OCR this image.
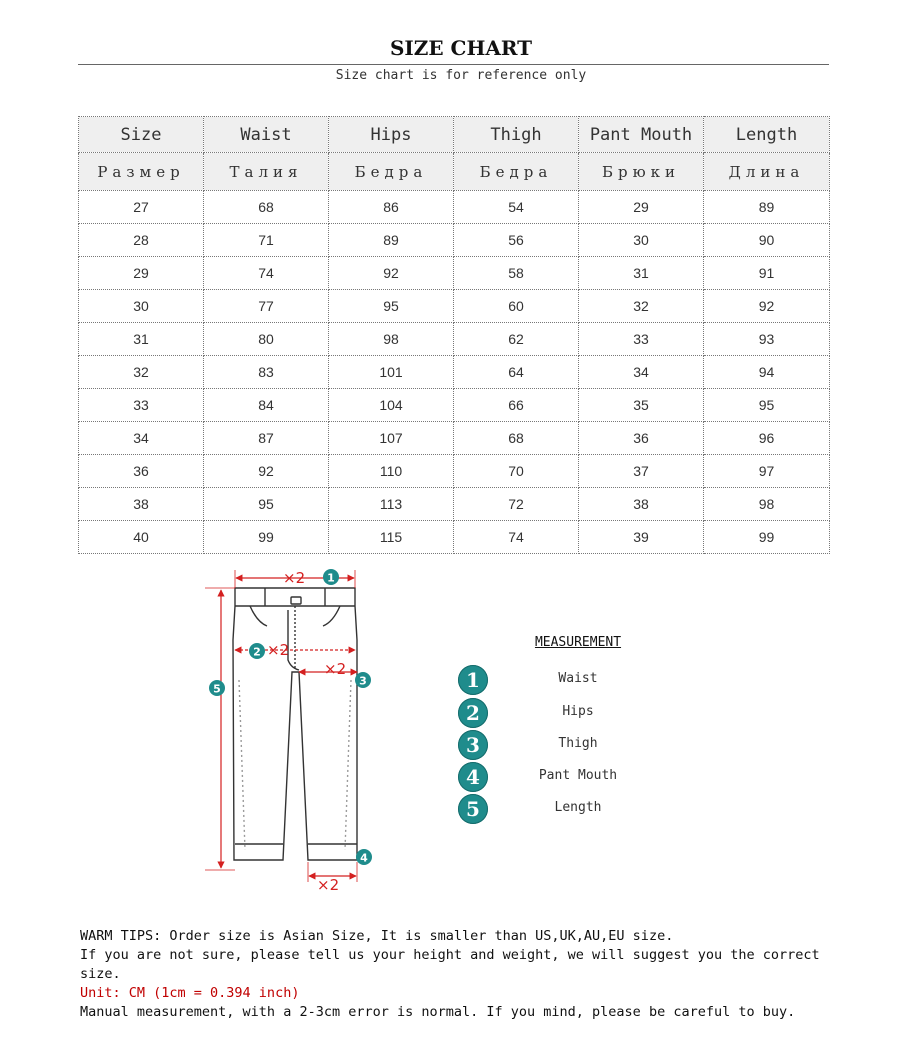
SIZE CHART
Size chart is for reference only
Size	Waist	Hips	Thigh	Pant Mouth	Length
Размер	Талия	Бедра	Бедра	Брюки	Длина
27	68	86	54	29	89
28	71	89	56	30	90
29	74	92	58	31	91
30	77	95	60	32	92
31	80	98	62	33	93
32	83	101	64	34	94
33	84	104	66	35	95
34	87	107	68	36	96
36	92	110	70	37	97
38	95	113	72	38	98
40	99	115	74	39	99
×2
×2
×2
×2
1
2
3
4
5
MEASUREMENT
1	Waist
2	Hips
3	Thigh
4	Pant Mouth
5	Length

WARM TIPS: Order size is Asian Size, It is smaller than US,UK,AU,EU size.

If you are not sure, please tell us your height and weight, we will suggest you the correct size.

Unit: CM (1cm = 0.394 inch)

Manual measurement, with a 2-3cm error is normal. If you mind, please be careful to buy.
